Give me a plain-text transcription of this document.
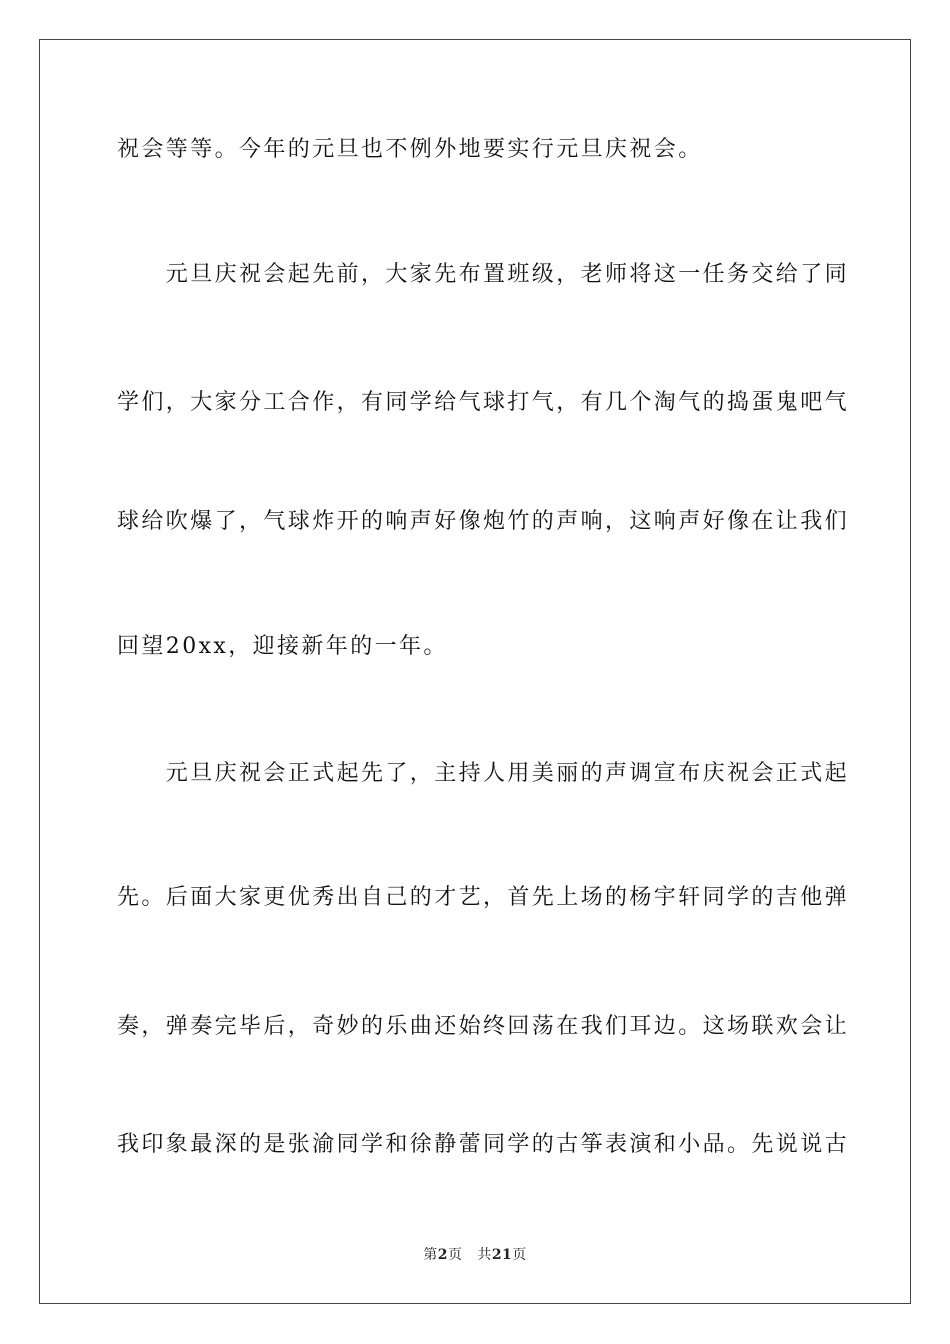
祝会等等。今年的元旦也不例外地要实行元旦庆祝会。
　　元旦庆祝会起先前，大家先布置班级，老师将这一任务交给了同
学们，大家分工合作，有同学给气球打气，有几个淘气的捣蛋鬼吧气
球给吹爆了，气球炸开的响声好像炮竹的声响，这响声好像在让我们
回望20xx，迎接新年的一年。
　　元旦庆祝会正式起先了，主持人用美丽的声调宣布庆祝会正式起
先。后面大家更优秀出自己的才艺，首先上场的杨宇轩同学的吉他弹
奏，弹奏完毕后，奇妙的乐曲还始终回荡在我们耳边。这场联欢会让
我印象最深的是张渝同学和徐静蕾同学的古筝表演和小品。先说说古
第2页 共21页
